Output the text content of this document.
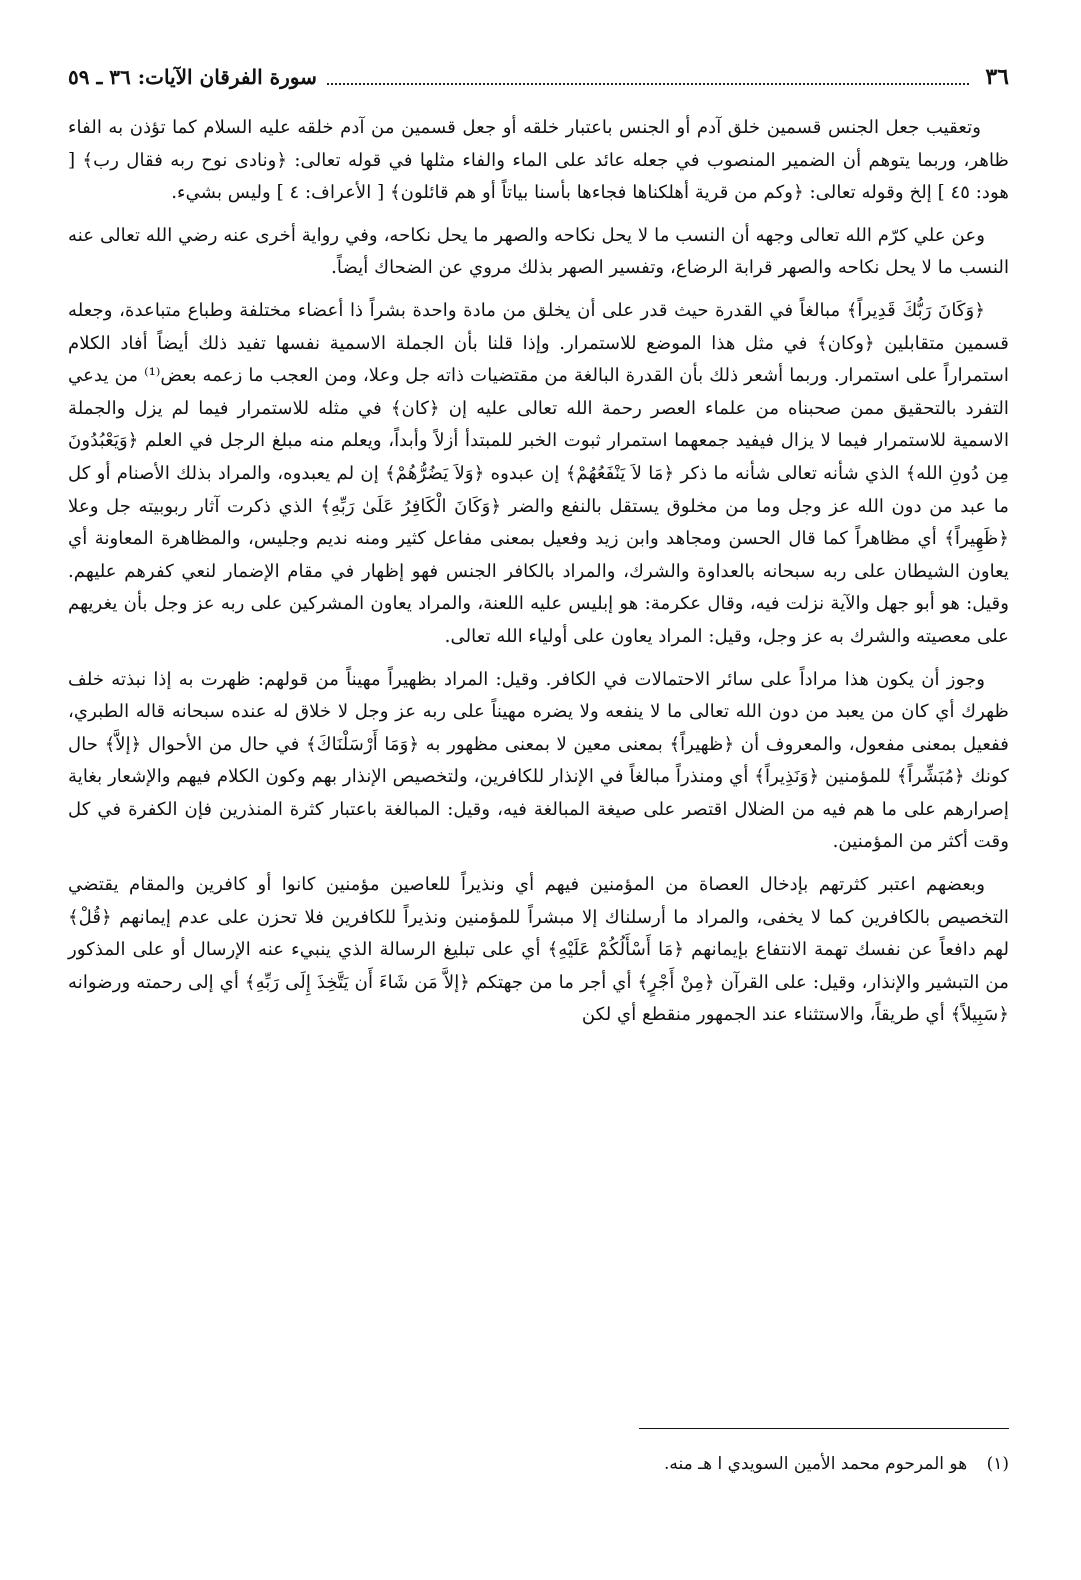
٣٦
سورة الفرقان الآيات: ٣٦ ـ ٥٩

وتعقيب جعل الجنس قسمين خلق آدم أو الجنس باعتبار خلقه أو جعل قسمين من آدم خلقه عليه السلام كما تؤذن به الفاء ظاهر، وربما يتوهم أن الضمير المنصوب في جعله عائد على الماء والفاء مثلها في قوله تعالى: ﴿ونادى نوح ربه فقال رب﴾ [ هود: ٤٥ ] إلخ وقوله تعالى: ﴿وكم من قرية أهلكناها فجاءها بأسنا بياتاً أو هم قائلون﴾ [ الأعراف: ٤ ] وليس بشيء.

وعن علي كرّم الله تعالى وجهه أن النسب ما لا يحل نكاحه والصهر ما يحل نكاحه، وفي رواية أخرى عنه رضي الله تعالى عنه النسب ما لا يحل نكاحه والصهر قرابة الرضاع، وتفسير الصهر بذلك مروي عن الضحاك أيضاً.

﴿وَكَانَ رَبُّكَ قَدِيراً﴾ مبالغاً في القدرة حيث قدر على أن يخلق من مادة واحدة بشراً ذا أعضاء مختلفة وطباع متباعدة، وجعله قسمين متقابلين ﴿وكان﴾ في مثل هذا الموضع للاستمرار. وإذا قلنا بأن الجملة الاسمية نفسها تفيد ذلك أيضاً أفاد الكلام استمراراً على استمرار. وربما أشعر ذلك بأن القدرة البالغة من مقتضيات ذاته جل وعلا، ومن العجب ما زعمه بعض⁽¹⁾ من يدعي التفرد بالتحقيق ممن صحبناه من علماء العصر رحمة الله تعالى عليه إن ﴿كان﴾ في مثله للاستمرار فيما لم يزل والجملة الاسمية للاستمرار فيما لا يزال فيفيد جمعهما استمرار ثبوت الخبر للمبتدأ أزلاً وأبداً، ويعلم منه مبلغ الرجل في العلم ﴿وَيَعْبُدُونَ مِن دُونِ الله﴾ الذي شأنه تعالى شأنه ما ذكر ﴿مَا لاَ يَنْفَعُهُمْ﴾ إن عبدوه ﴿وَلاَ يَضُرُّهُمْ﴾ إن لم يعبدوه، والمراد بذلك الأصنام أو كل ما عبد من دون الله عز وجل وما من مخلوق يستقل بالنفع والضر ﴿وَكَانَ الْكَافِرُ عَلَىٰ رَبِّهِ﴾ الذي ذكرت آثار ربوبيته جل وعلا ﴿ظَهِيراً﴾ أي مظاهراً كما قال الحسن ومجاهد وابن زيد وفعيل بمعنى مفاعل كثير ومنه نديم وجليس، والمظاهرة المعاونة أي يعاون الشيطان على ربه سبحانه بالعداوة والشرك، والمراد بالكافر الجنس فهو إظهار في مقام الإضمار لنعي كفرهم عليهم. وقيل: هو أبو جهل والآية نزلت فيه، وقال عكرمة: هو إبليس عليه اللعنة، والمراد يعاون المشركين على ربه عز وجل بأن يغريهم على معصيته والشرك به عز وجل، وقيل: المراد يعاون على أولياء الله تعالى.

وجوز أن يكون هذا مراداً على سائر الاحتمالات في الكافر. وقيل: المراد بظهيراً مهيناً من قولهم: ظهرت به إذا نبذته خلف ظهرك أي كان من يعبد من دون الله تعالى ما لا ينفعه ولا يضره مهيناً على ربه عز وجل لا خلاق له عنده سبحانه قاله الطبري، ففعيل بمعنى مفعول، والمعروف أن ﴿ظهيراً﴾ بمعنى معين لا بمعنى مظهور به ﴿وَمَا أَرْسَلْنَاكَ﴾ في حال من الأحوال ﴿إلاَّ﴾ حال كونك ﴿مُبَشِّراً﴾ للمؤمنين ﴿وَنَذِيراً﴾ أي ومنذراً مبالغاً في الإنذار للكافرين، ولتخصيص الإنذار بهم وكون الكلام فيهم والإشعار بغاية إصرارهم على ما هم فيه من الضلال اقتصر على صيغة المبالغة فيه، وقيل: المبالغة باعتبار كثرة المنذرين فإن الكفرة في كل وقت أكثر من المؤمنين.

وبعضهم اعتبر كثرتهم بإدخال العصاة من المؤمنين فيهم أي ونذيراً للعاصين مؤمنين كانوا أو كافرين والمقام يقتضي التخصيص بالكافرين كما لا يخفى، والمراد ما أرسلناك إلا مبشراً للمؤمنين ونذيراً للكافرين فلا تحزن على عدم إيمانهم ﴿قُلْ﴾ لهم دافعاً عن نفسك تهمة الانتفاع بإيمانهم ﴿مَا أَسْأَلُكُمْ عَلَيْهِ﴾ أي على تبليغ الرسالة الذي ينبيء عنه الإرسال أو على المذكور من التبشير والإنذار، وقيل: على القرآن ﴿مِنْ أَجْرٍ﴾ أي أجر ما من جهتكم ﴿إلاَّ مَن شَاءَ أَن يَتَّخِذَ إِلَى رَبِّهِ﴾ أي إلى رحمته ورضوانه ﴿سَبِيلاً﴾ أي طريقاً، والاستثناء عند الجمهور منقطع أي لكن

(١) هو المرحوم محمد الأمين السويدي ا هـ منه.
